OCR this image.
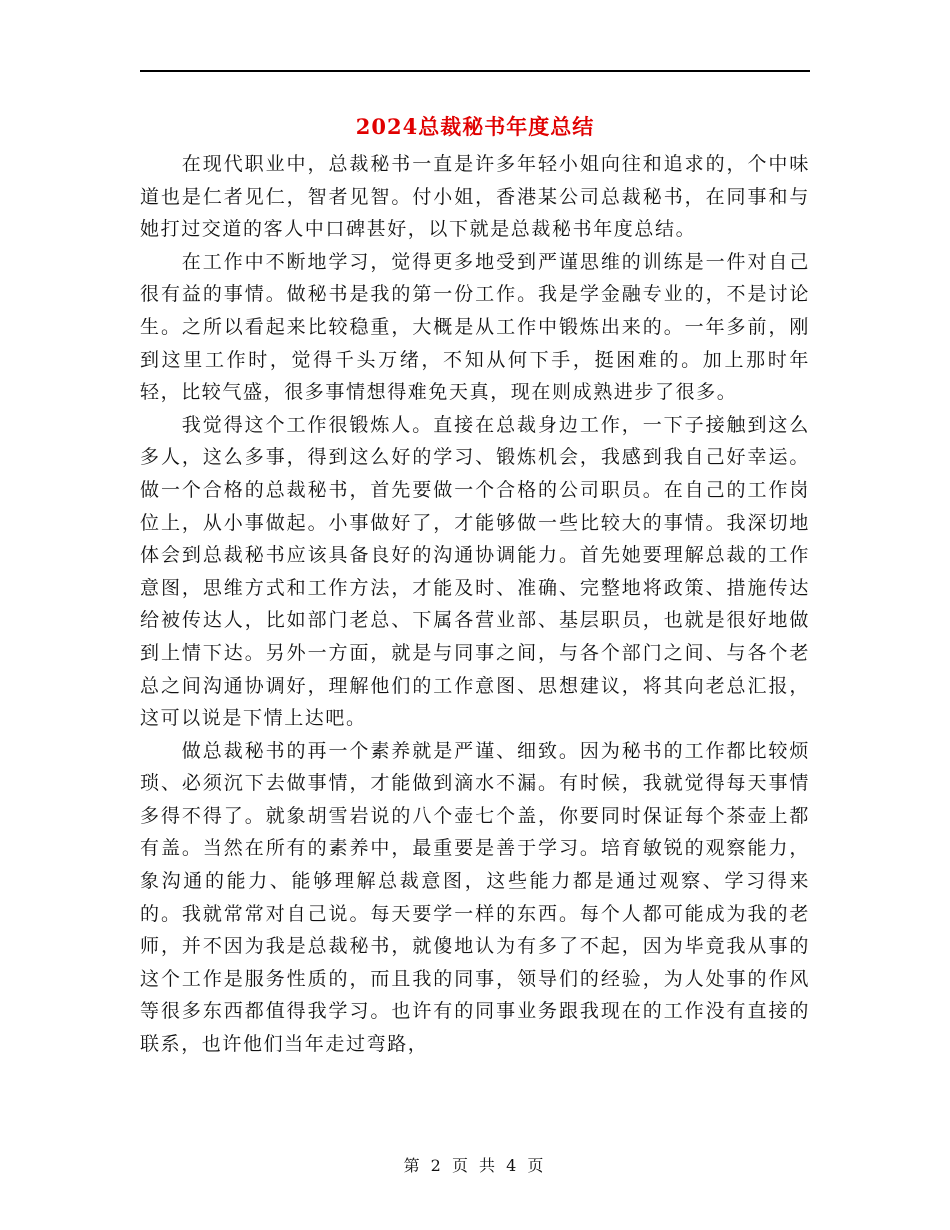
2024总裁秘书年度总结

在现代职业中，总裁秘书一直是许多年轻小姐向往和追求的，个中味道也是仁者见仁，智者见智。付小姐，香港某公司总裁秘书，在同事和与她打过交道的客人中口碑甚好，以下就是总裁秘书年度总结。

在工作中不断地学习，觉得更多地受到严谨思维的训练是一件对自己很有益的事情。做秘书是我的第一份工作。我是学金融专业的，不是讨论生。之所以看起来比较稳重，大概是从工作中锻炼出来的。一年多前，刚到这里工作时，觉得千头万绪，不知从何下手，挺困难的。加上那时年轻，比较气盛，很多事情想得难免天真，现在则成熟进步了很多。

我觉得这个工作很锻炼人。直接在总裁身边工作，一下子接触到这么多人，这么多事，得到这么好的学习、锻炼机会，我感到我自己好幸运。做一个合格的总裁秘书，首先要做一个合格的公司职员。在自己的工作岗位上，从小事做起。小事做好了，才能够做一些比较大的事情。我深切地体会到总裁秘书应该具备良好的沟通协调能力。首先她要理解总裁的工作意图，思维方式和工作方法，才能及时、准确、完整地将政策、措施传达给被传达人，比如部门老总、下属各营业部、基层职员，也就是很好地做到上情下达。另外一方面，就是与同事之间，与各个部门之间、与各个老总之间沟通协调好，理解他们的工作意图、思想建议，将其向老总汇报，这可以说是下情上达吧。

做总裁秘书的再一个素养就是严谨、细致。因为秘书的工作都比较烦琐、必须沉下去做事情，才能做到滴水不漏。有时候，我就觉得每天事情多得不得了。就象胡雪岩说的八个壶七个盖，你要同时保证每个茶壶上都有盖。当然在所有的素养中，最重要是善于学习。培育敏锐的观察能力，象沟通的能力、能够理解总裁意图，这些能力都是通过观察、学习得来的。我就常常对自己说。每天要学一样的东西。每个人都可能成为我的老师，并不因为我是总裁秘书，就傻地认为有多了不起，因为毕竟我从事的这个工作是服务性质的，而且我的同事，领导们的经验，为人处事的作风等很多东西都值得我学习。也许有的同事业务跟我现在的工作没有直接的联系，也许他们当年走过弯路，

第 2 页 共 4 页
